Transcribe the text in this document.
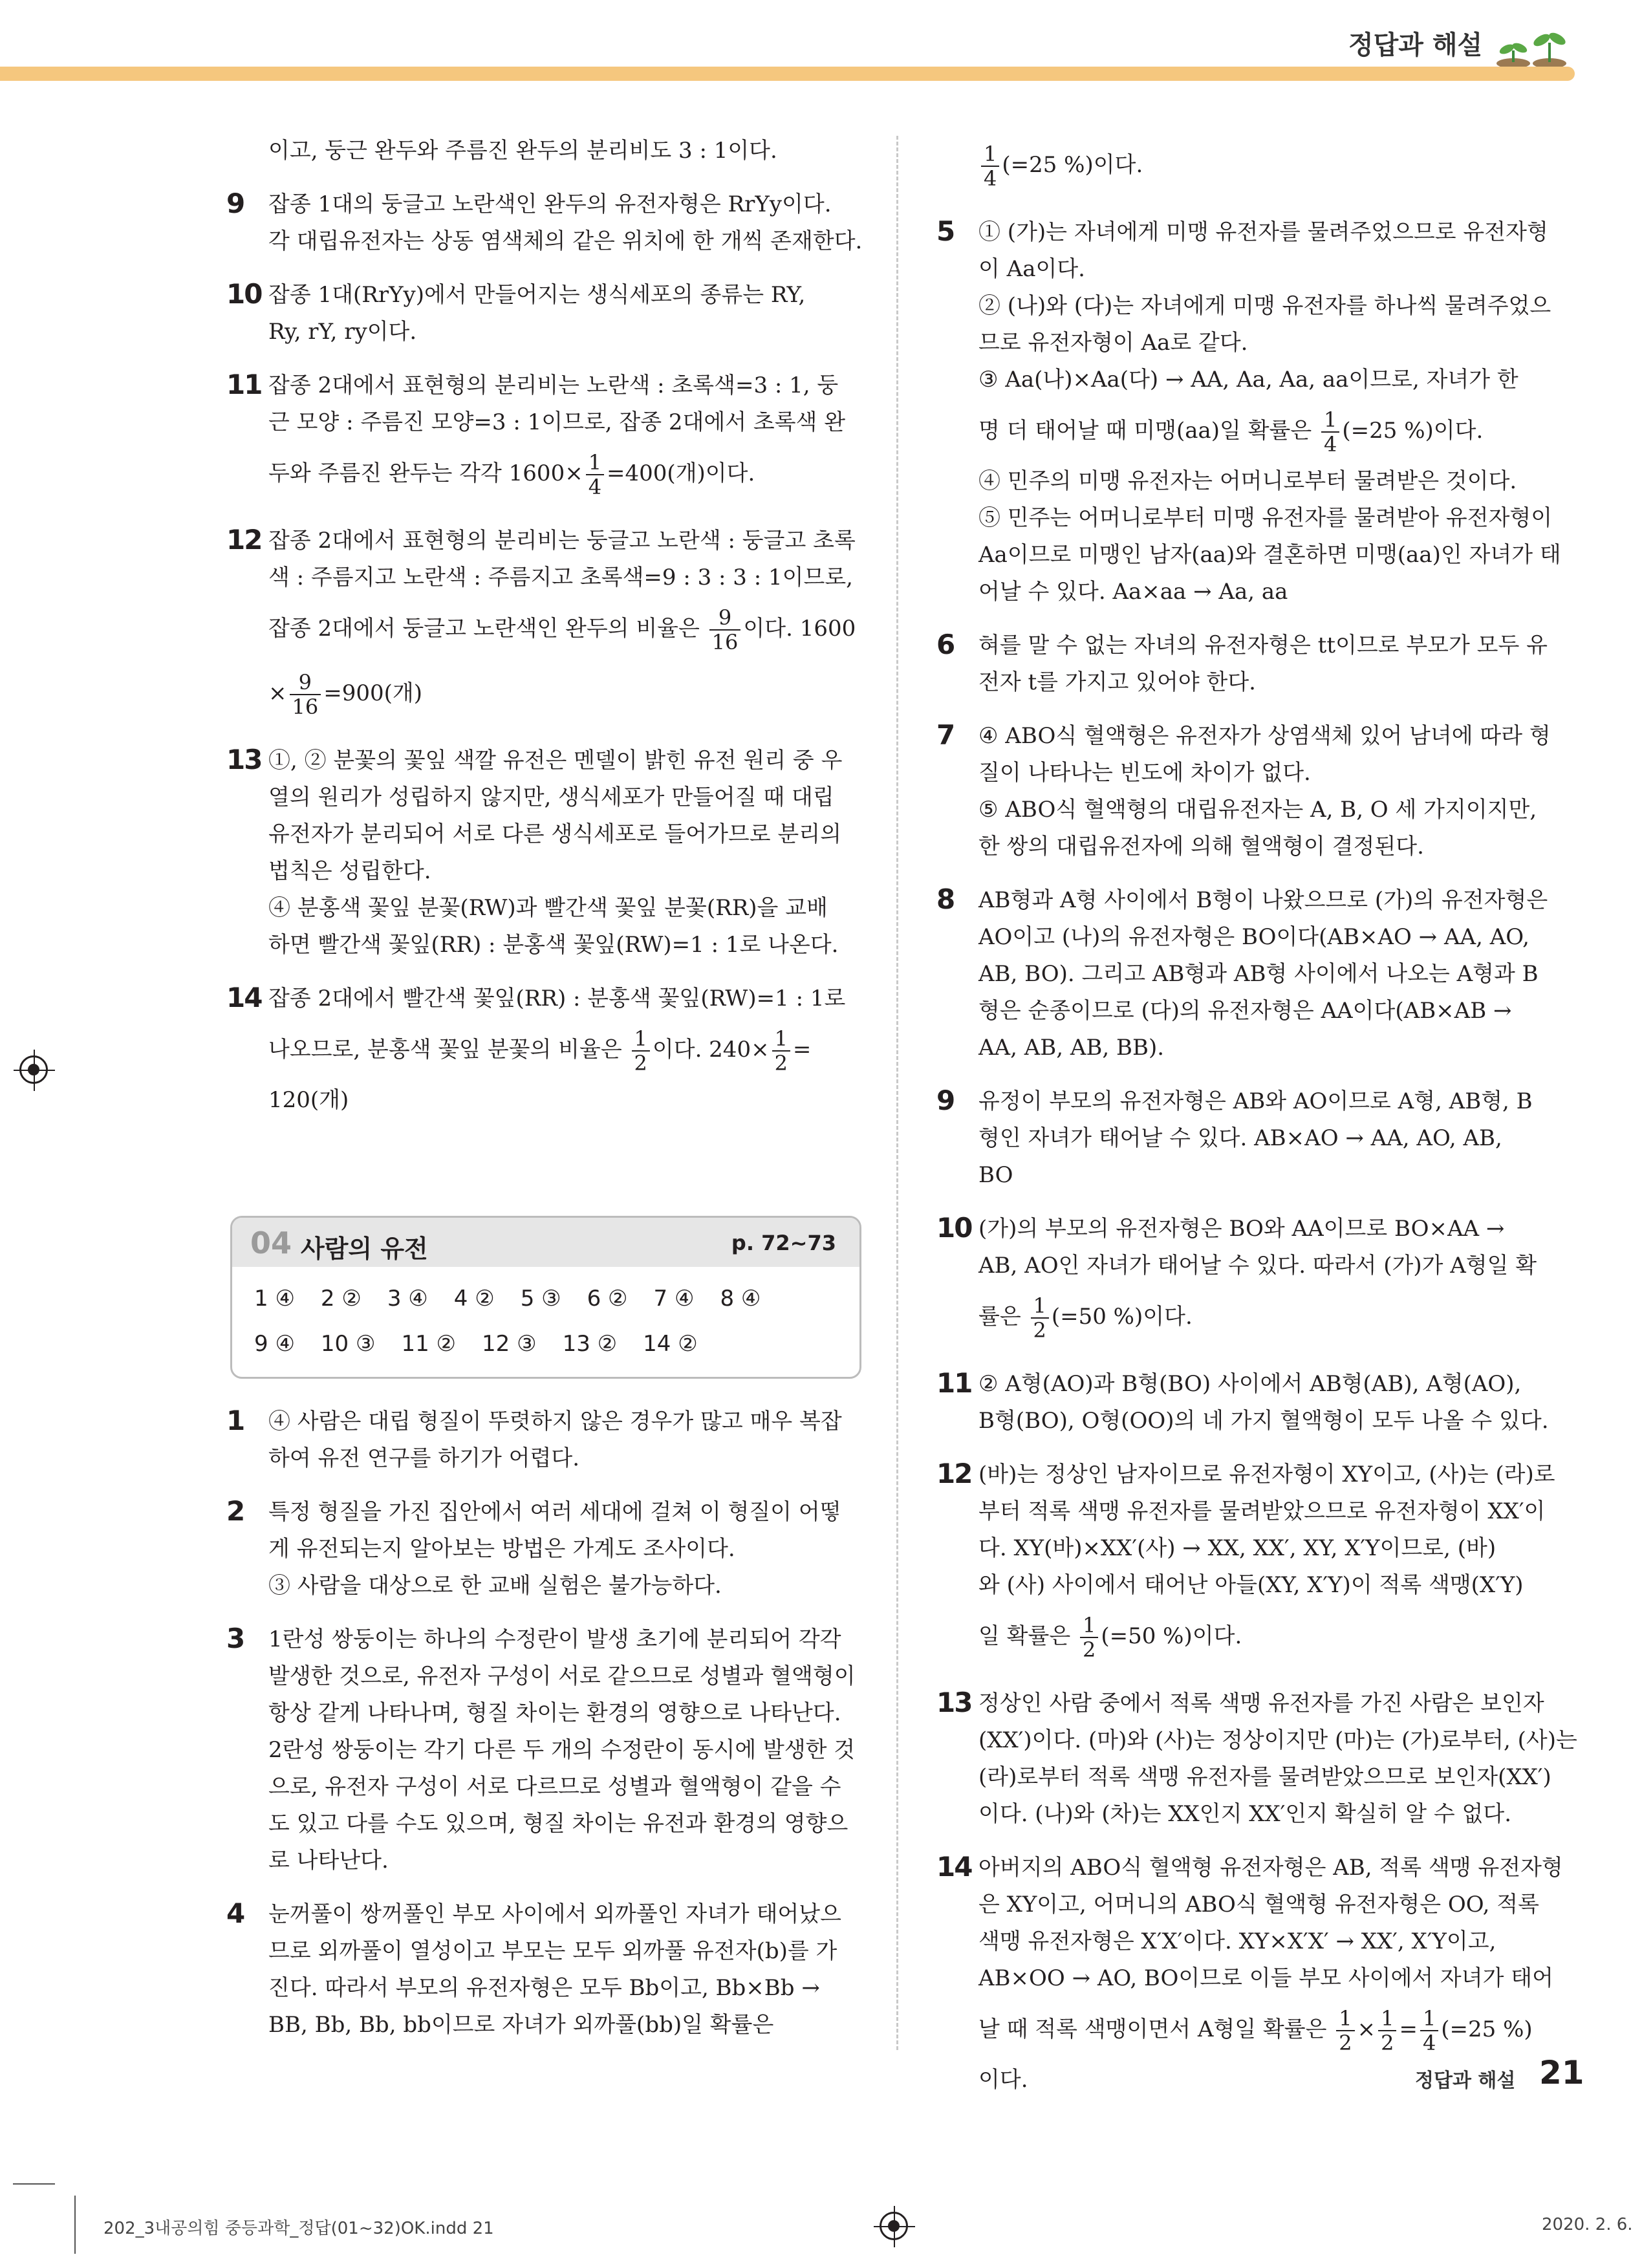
정답과 해설
이고, 둥근 완두와 주름진 완두의 분리비도 3 : 1이다.
9 잡종 1대의 둥글고 노란색인 완두의 유전자형은 RrYy이다.
각 대립유전자는 상동 염색체의 같은 위치에 한 개씩 존재한다.
10 잡종 1대(RrYy)에서 만들어지는 생식세포의 종류는 RY,
Ry, rY, ry이다.
11 잡종 2대에서 표현형의 분리비는 노란색 : 초록색=3 : 1, 둥
근 모양 : 주름진 모양=3 : 1이므로, 잡종 2대에서 초록색 완
두와 주름진 완두는 각각 $1600\times \frac{1}{4} =400$(개)이다.
12 잡종 2대에서 표현형의 분리비는 둥글고 노란색 : 둥글고 초록
색 : 주름지고 노란색 : 주름지고 초록색=9 : 3 : 3 : 1이므로,
잡종 2대에서 둥글고 노란색인 완두의 비율은 $\frac{9}{16}$ 이다. 1600
× $\frac{9}{16} =900$(개)
13 ①, ② 분꽃의 꽃잎 색깔 유전은 멘델이 밝힌 유전 원리 중 우
열의 원리가 성립하지 않지만, 생식세포가 만들어질 때 대립
유전자가 분리되어 서로 다른 생식세포로 들어가므로 분리의
법칙은 성립한다.
④ 분홍색 꽃잎 분꽃(RW)과 빨간색 꽃잎 분꽃(RR)을 교배
하면 빨간색 꽃잎(RR) : 분홍색 꽃잎(RW)=1 : 1로 나온다.
14 잡종 2대에서 빨간색 꽃잎(RR) : 분홍색 꽃잎(RW)=1 : 1로
나오므로, 분홍색 꽃잎 분꽃의 비율은 $\frac{1}{2}$ 이다. $240\times \frac{1}{2}$ =
120(개)
04 사람의 유전	p. 72~73
1 ④ 2 ② 3 ④ 4 ② 5 ③ 6 ② 7 ④ 8 ④
9 ④ 10 ③ 11 ② 12 ③ 13 ② 14 ②
1 ④ 사람은 대립 형질이 뚜렷하지 않은 경우가 많고 매우 복잡
하여 유전 연구를 하기가 어렵다.
2 특정 형질을 가진 집안에서 여러 세대에 걸쳐 이 형질이 어떻
게 유전되는지 알아보는 방법은 가계도 조사이다.
③ 사람을 대상으로 한 교배 실험은 불가능하다.
3 1란성 쌍둥이는 하나의 수정란이 발생 초기에 분리되어 각각
발생한 것으로, 유전자 구성이 서로 같으므로 성별과 혈액형이
항상 같게 나타나며, 형질 차이는 환경의 영향으로 나타난다.
2란성 쌍둥이는 각기 다른 두 개의 수정란이 동시에 발생한 것
으로, 유전자 구성이 서로 다르므로 성별과 혈액형이 같을 수
도 있고 다를 수도 있으며, 형질 차이는 유전과 환경의 영향으
로 나타난다.
4 눈꺼풀이 쌍꺼풀인 부모 사이에서 외까풀인 자녀가 태어났으
므로 외까풀이 열성이고 부모는 모두 외까풀 유전자(b)를 가
진다. 따라서 부모의 유전자형은 모두 Bb이고, Bb×Bb →
BB, Bb, Bb, bb이므로 자녀가 외까풀(bb)일 확률은
$\frac{1}{4} (=25$ %)이다.
5 ① (가)는 자녀에게 미맹 유전자를 물려주었으므로 유전자형
이 Aa이다.
② (나)와 (다)는 자녀에게 미맹 유전자를 하나씩 물려주었으
므로 유전자형이 Aa로 같다.
③ Aa(나)×Aa(다) → AA, Aa, Aa, aa이므로, 자녀가 한
명 더 태어날 때 미맹(aa)일 확률은 $\frac{1}{4} (=25$ %)이다.
④ 민주의 미맹 유전자는 어머니로부터 물려받은 것이다.
⑤ 민주는 어머니로부터 미맹 유전자를 물려받아 유전자형이
Aa이므로 미맹인 남자(aa)와 결혼하면 미맹(aa)인 자녀가 태
어날 수 있다. Aa×aa → Aa, aa
6 혀를 말 수 없는 자녀의 유전자형은 tt이므로 부모가 모두 유
전자 t를 가지고 있어야 한다.
7 ④ ABO식 혈액형은 유전자가 상염색체 있어 남녀에 따라 형
질이 나타나는 빈도에 차이가 없다.
⑤ ABO식 혈액형의 대립유전자는 A, B, O 세 가지이지만,
한 쌍의 대립유전자에 의해 혈액형이 결정된다.
8 AB형과 A형 사이에서 B형이 나왔으므로 (가)의 유전자형은
AO이고 (나)의 유전자형은 BO이다(AB×AO → AA, AO,
AB, BO). 그리고 AB형과 AB형 사이에서 나오는 A형과 B
형은 순종이므로 (다)의 유전자형은 AA이다(AB×AB →
AA, AB, AB, BB).
9 유정이 부모의 유전자형은 AB와 AO이므로 A형, AB형, B
형인 자녀가 태어날 수 있다. AB×AO → AA, AO, AB,
BO
10 (가)의 부모의 유전자형은 BO와 AA이므로 BO×AA →
AB, AO인 자녀가 태어날 수 있다. 따라서 (가)가 A형일 확
률은 $\frac{1}{2} (=50$ %)이다.
11 ② A형(AO)과 B형(BO) 사이에서 AB형(AB), A형(AO),
B형(BO), O형(OO)의 네 가지 혈액형이 모두 나올 수 있다.
12 (바)는 정상인 남자이므로 유전자형이 XY이고, (사)는 (라)로
부터 적록 색맹 유전자를 물려받았으므로 유전자형이 XX′이
다. XY(바)×XX′(사) → XX, XX′, XY, X′Y이므로, (바)
와 (사) 사이에서 태어난 아들(XY, X′Y)이 적록 색맹(X′Y)
일 확률은 $\frac{1}{2} (=50$ %)이다.
13 정상인 사람 중에서 적록 색맹 유전자를 가진 사람은 보인자
(XX′)이다. (마)와 (사)는 정상이지만 (마)는 (가)로부터, (사)는
(라)로부터 적록 색맹 유전자를 물려받았으므로 보인자(XX′)
이다. (나)와 (차)는 XX인지 XX′인지 확실히 알 수 없다.
14 아버지의 ABO식 혈액형 유전자형은 AB, 적록 색맹 유전자형
은 XY이고, 어머니의 ABO식 혈액형 유전자형은 OO, 적록
색맹 유전자형은 X′X′이다. XY×X′X′ → XX′, X′Y이고,
AB×OO → AO, BO이므로 이들 부모 사이에서 자녀가 태어
날 때 적록 색맹이면서 A형일 확률은 $\frac{1}{2} \times \frac{1}{2} = \frac{1}{4} (=25$ %)
이다.	정답과 해설 21
202_3내공의힘 중등과학_정답(01~32)OK.indd 21	2020. 2. 6.
